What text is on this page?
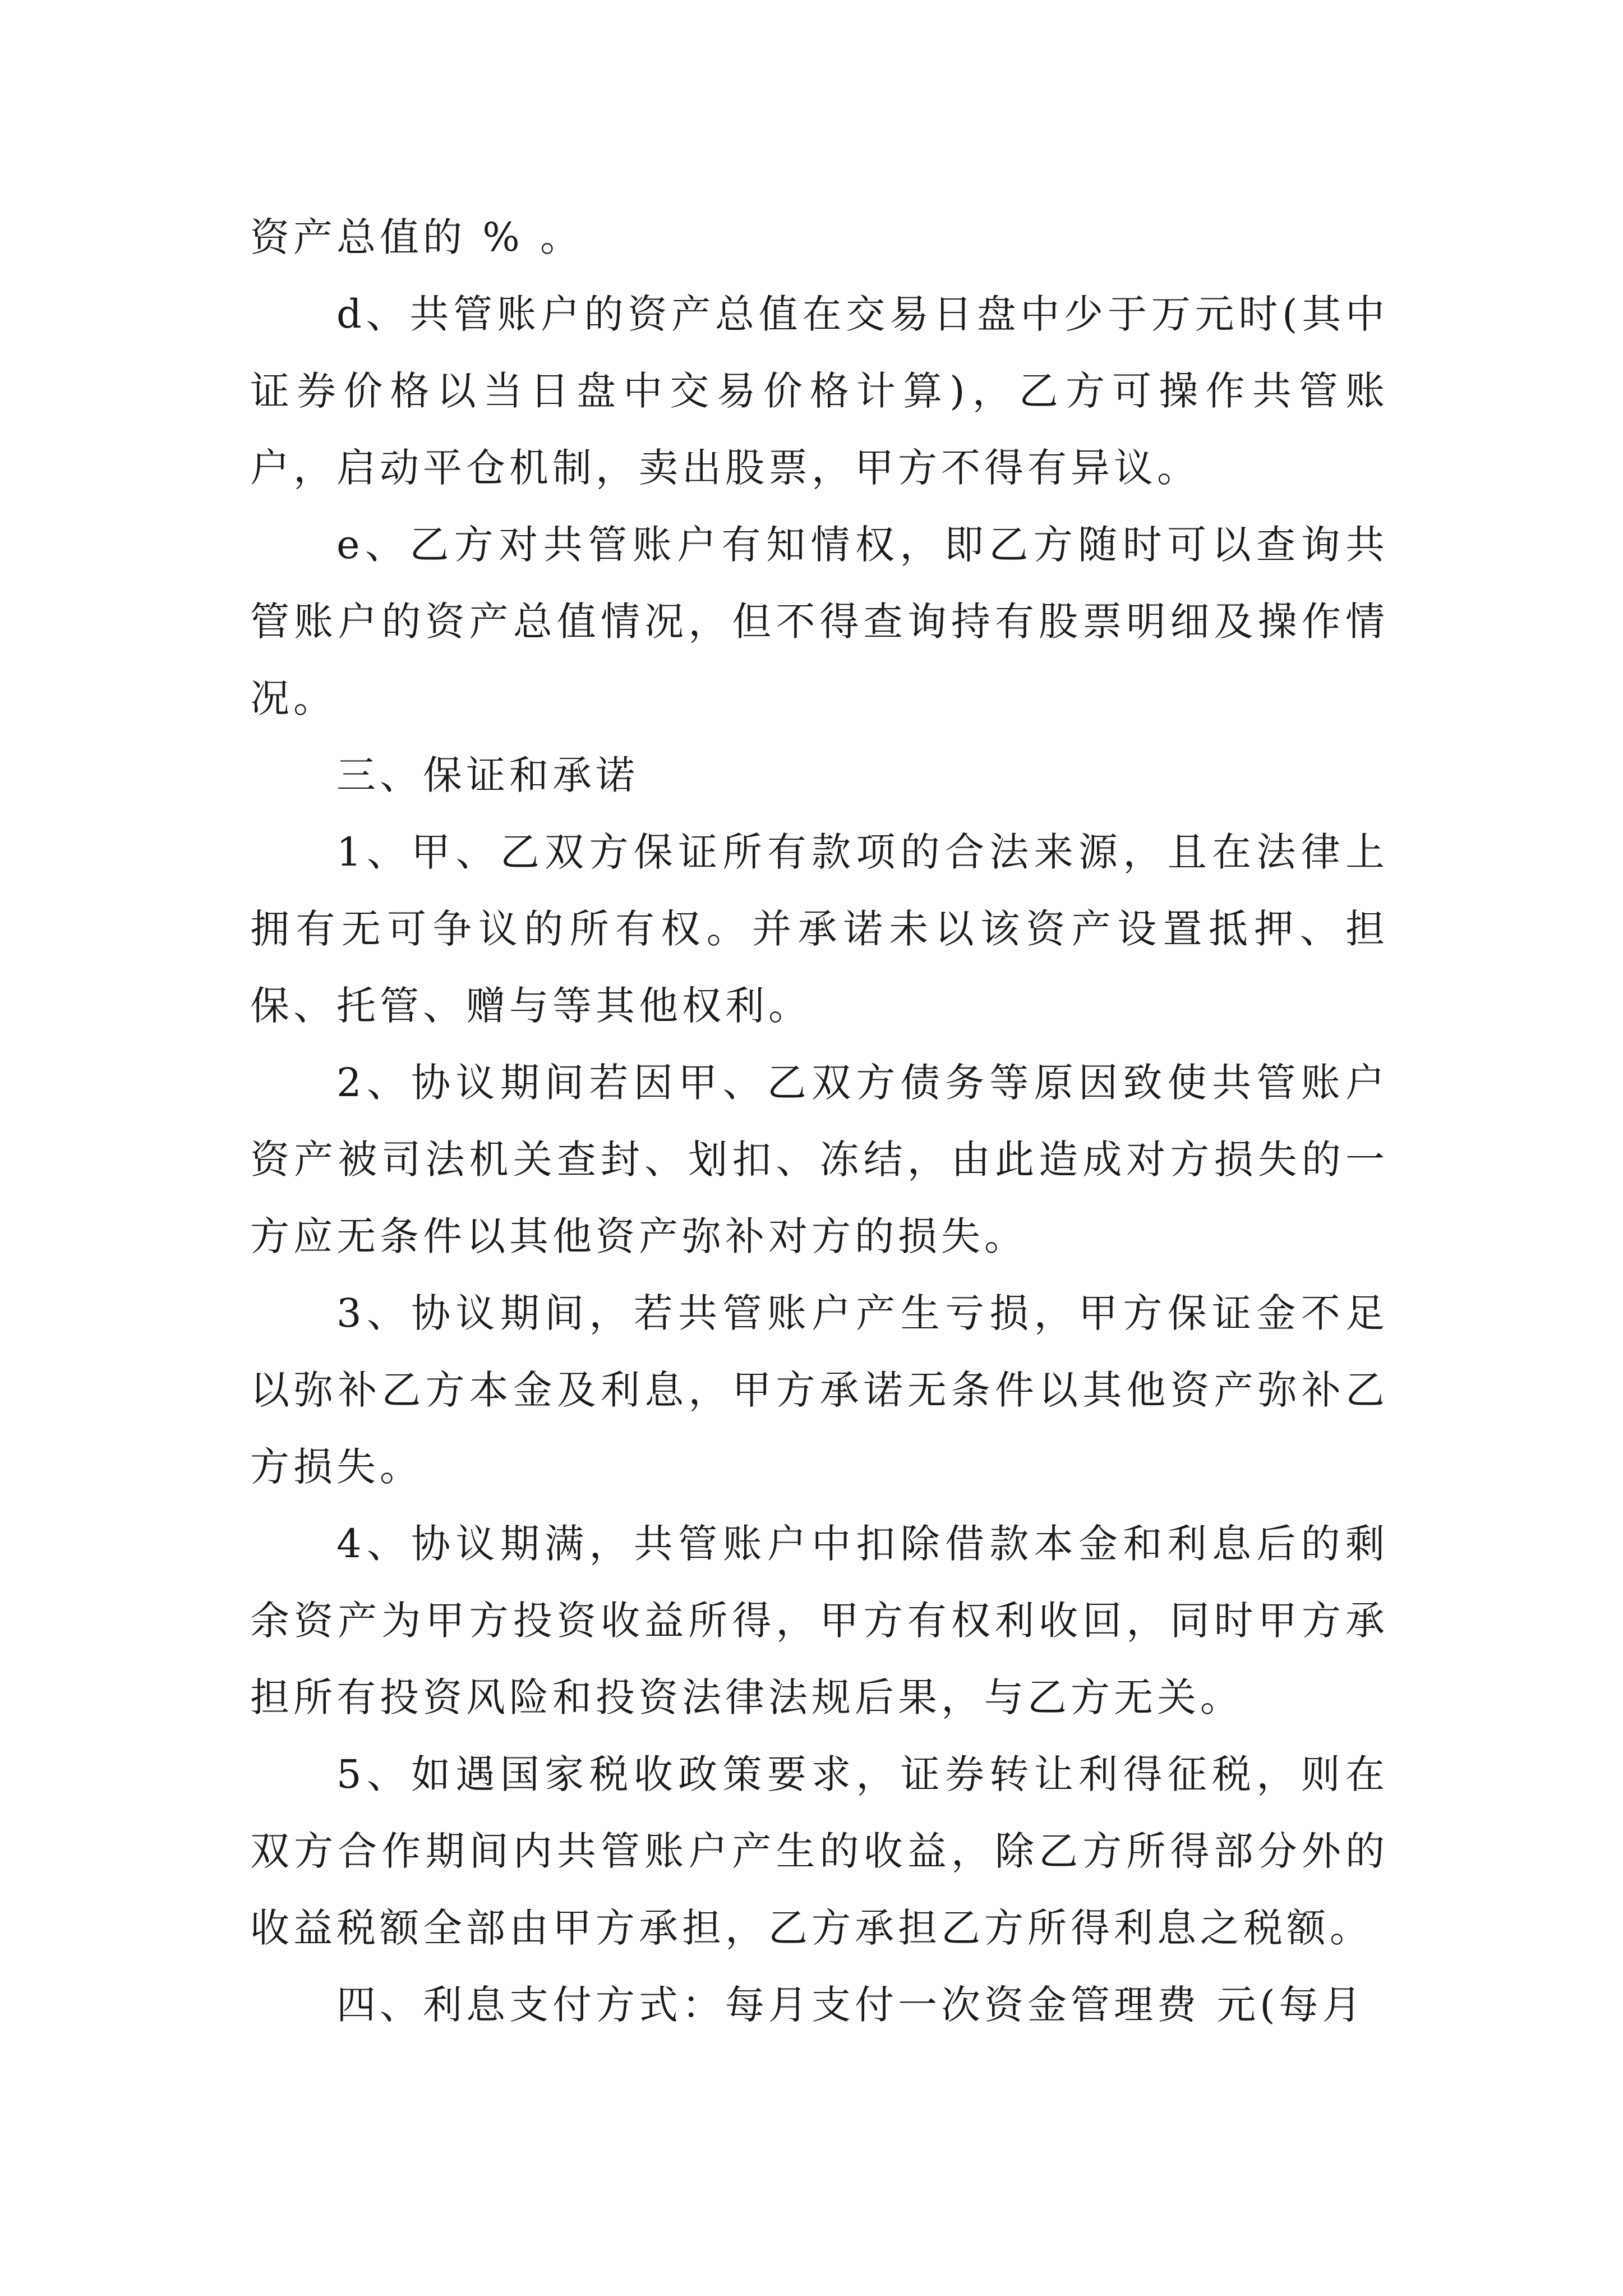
资产总值的 % 。

d、共管账户的资产总值在交易日盘中少于万元时(其中证券价格以当日盘中交易价格计算)，乙方可操作共管账户，启动平仓机制，卖出股票，甲方不得有异议。

e、乙方对共管账户有知情权，即乙方随时可以查询共管账户的资产总值情况，但不得查询持有股票明细及操作情况。

三、保证和承诺

1、甲、乙双方保证所有款项的合法来源，且在法律上拥有无可争议的所有权。并承诺未以该资产设置抵押、担保、托管、赠与等其他权利。

2、协议期间若因甲、乙双方债务等原因致使共管账户资产被司法机关查封、划扣、冻结，由此造成对方损失的一方应无条件以其他资产弥补对方的损失。

3、协议期间，若共管账户产生亏损，甲方保证金不足以弥补乙方本金及利息，甲方承诺无条件以其他资产弥补乙方损失。

4、协议期满，共管账户中扣除借款本金和利息后的剩余资产为甲方投资收益所得，甲方有权利收回，同时甲方承担所有投资风险和投资法律法规后果，与乙方无关。

5、如遇国家税收政策要求，证券转让利得征税，则在双方合作期间内共管账户产生的收益，除乙方所得部分外的收益税额全部由甲方承担，乙方承担乙方所得利息之税额。

四、利息支付方式：每月支付一次资金管理费 元(每月
